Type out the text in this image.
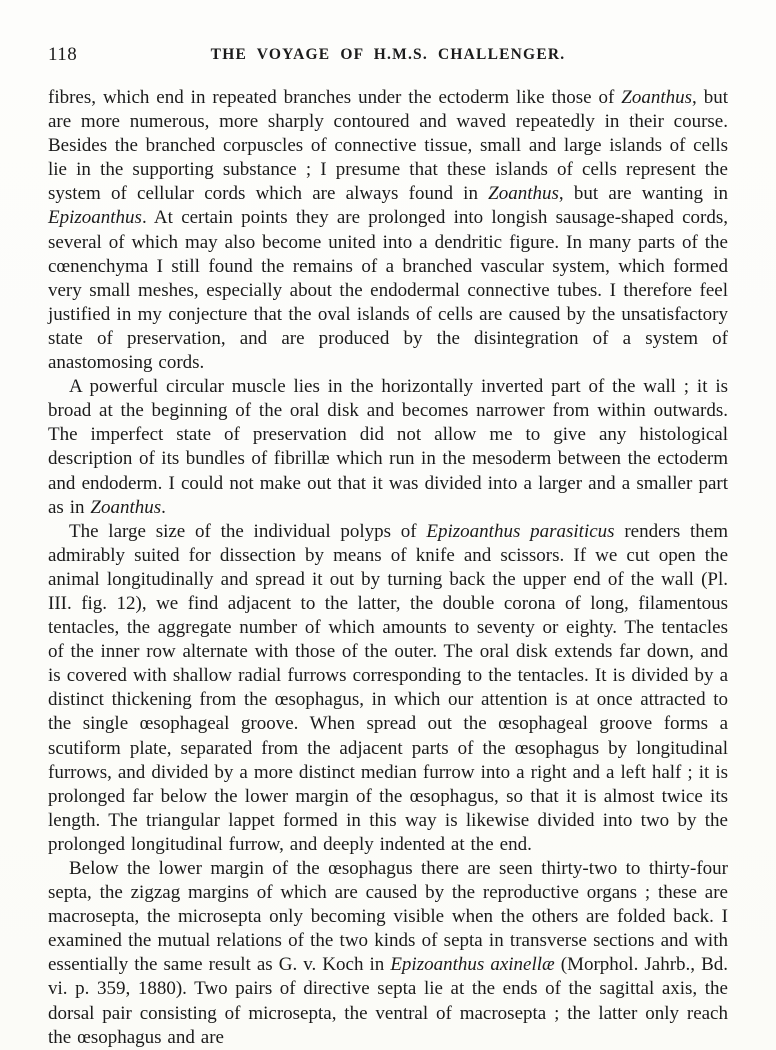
118	THE VOYAGE OF H.M.S. CHALLENGER.

fibres, which end in repeated branches under the ectoderm like those of Zoanthus, but are more numerous, more sharply contoured and waved repeatedly in their course. Besides the branched corpuscles of connective tissue, small and large islands of cells lie in the supporting substance ; I presume that these islands of cells represent the system of cellular cords which are always found in Zoanthus, but are wanting in Epizoanthus. At certain points they are prolonged into longish sausage-shaped cords, several of which may also become united into a dendritic figure. In many parts of the cœnenchyma I still found the remains of a branched vascular system, which formed very small meshes, especially about the endodermal connective tubes. I therefore feel justified in my conjecture that the oval islands of cells are caused by the unsatisfactory state of preservation, and are produced by the disintegration of a system of anastomosing cords.

A powerful circular muscle lies in the horizontally inverted part of the wall ; it is broad at the beginning of the oral disk and becomes narrower from within outwards. The imperfect state of preservation did not allow me to give any histological description of its bundles of fibrillæ which run in the mesoderm between the ectoderm and endoderm. I could not make out that it was divided into a larger and a smaller part as in Zoanthus.

The large size of the individual polyps of Epizoanthus parasiticus renders them admirably suited for dissection by means of knife and scissors. If we cut open the animal longitudinally and spread it out by turning back the upper end of the wall (Pl. III. fig. 12), we find adjacent to the latter, the double corona of long, filamentous tentacles, the aggregate number of which amounts to seventy or eighty. The tentacles of the inner row alternate with those of the outer. The oral disk extends far down, and is covered with shallow radial furrows corresponding to the tentacles. It is divided by a distinct thickening from the œsophagus, in which our attention is at once attracted to the single œsophageal groove. When spread out the œsophageal groove forms a scutiform plate, separated from the adjacent parts of the œsophagus by longitudinal furrows, and divided by a more distinct median furrow into a right and a left half ; it is prolonged far below the lower margin of the œsophagus, so that it is almost twice its length. The triangular lappet formed in this way is likewise divided into two by the prolonged longitudinal furrow, and deeply indented at the end.

Below the lower margin of the œsophagus there are seen thirty-two to thirty-four septa, the zigzag margins of which are caused by the reproductive organs ; these are macrosepta, the microsepta only becoming visible when the others are folded back. I examined the mutual relations of the two kinds of septa in transverse sections and with essentially the same result as G. v. Koch in Epizoanthus axinellæ (Morphol. Jahrb., Bd. vi. p. 359, 1880). Two pairs of directive septa lie at the ends of the sagittal axis, the dorsal pair consisting of microsepta, the ventral of macrosepta ; the latter only reach the œsophagus and are
